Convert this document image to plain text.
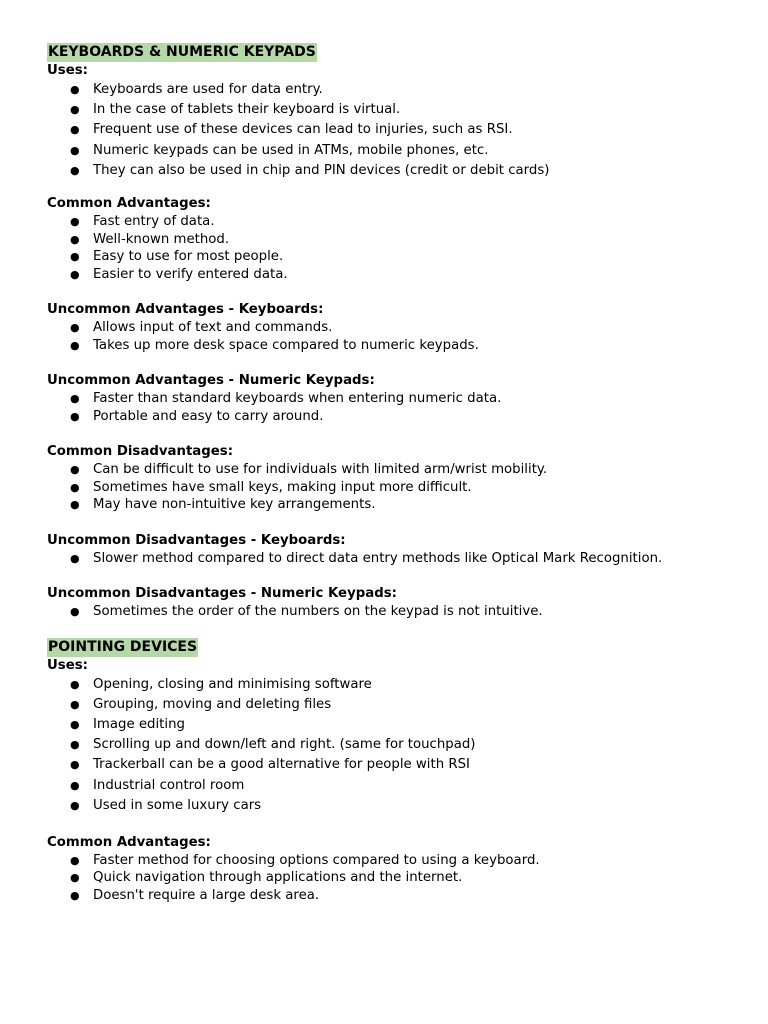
KEYBOARDS & NUMERIC KEYPADS
Uses:
● Keyboards are used for data entry.
● In the case of tablets their keyboard is virtual.
● Frequent use of these devices can lead to injuries, such as RSI.
● Numeric keypads can be used in ATMs, mobile phones, etc.
● They can also be used in chip and PIN devices (credit or debit cards)
Common Advantages:
● Fast entry of data.
● Well-known method.
● Easy to use for most people.
● Easier to verify entered data.
Uncommon Advantages - Keyboards:
● Allows input of text and commands.
● Takes up more desk space compared to numeric keypads.
Uncommon Advantages - Numeric Keypads:
● Faster than standard keyboards when entering numeric data.
● Portable and easy to carry around.
Common Disadvantages:
● Can be difficult to use for individuals with limited arm/wrist mobility.
● Sometimes have small keys, making input more difficult.
● May have non-intuitive key arrangements.
Uncommon Disadvantages - Keyboards:
● Slower method compared to direct data entry methods like Optical Mark Recognition.
Uncommon Disadvantages - Numeric Keypads:
● Sometimes the order of the numbers on the keypad is not intuitive.
POINTING DEVICES
Uses:
● Opening, closing and minimising software
● Grouping, moving and deleting files
● Image editing
● Scrolling up and down/left and right. (same for touchpad)
● Trackerball can be a good alternative for people with RSI
● Industrial control room
● Used in some luxury cars
Common Advantages:
● Faster method for choosing options compared to using a keyboard.
● Quick navigation through applications and the internet.
● Doesn't require a large desk area.
